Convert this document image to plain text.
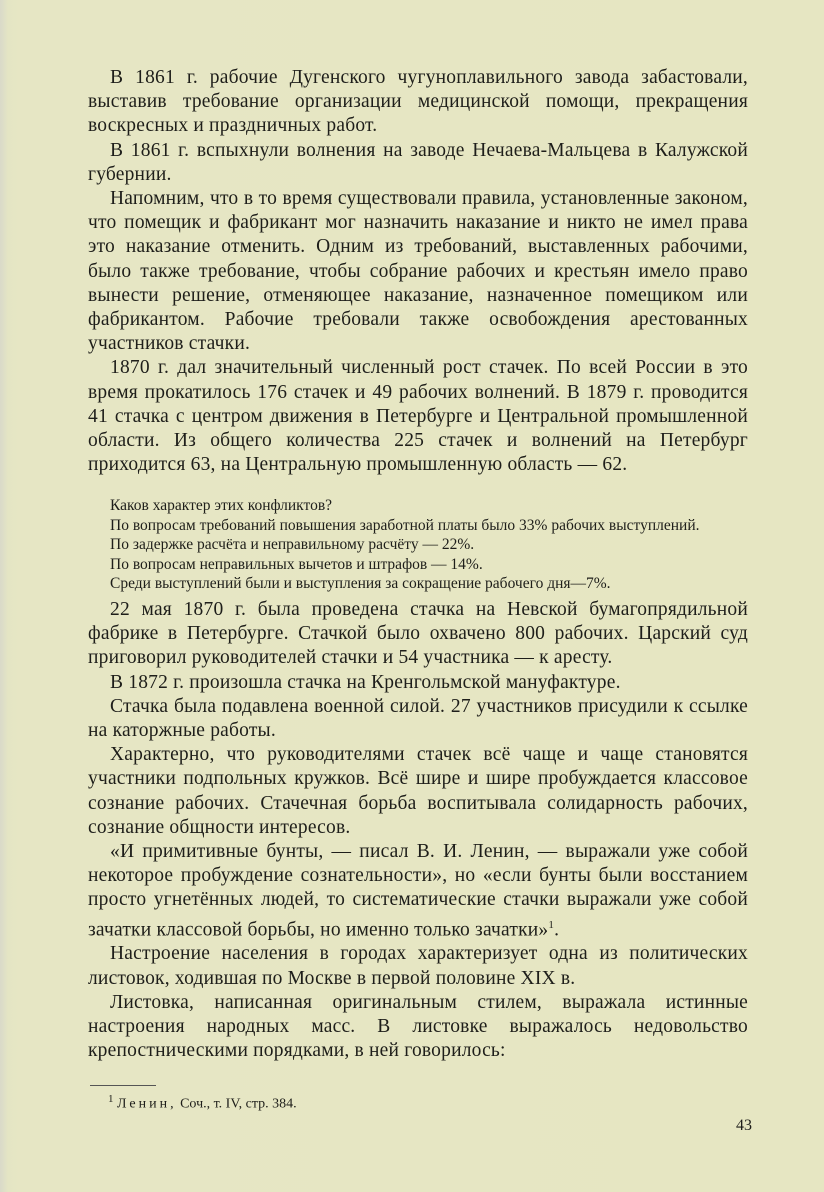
В 1861 г. рабочие Дугенского чугуноплавильного завода забастовали, выставив требование организации медицинской помощи, прекращения воскресных и праздничных работ.

В 1861 г. вспыхнули волнения на заводе Нечаева-Мальцева в Калужской губернии.

Напомним, что в то время существовали правила, установленные законом, что помещик и фабрикант мог назначить наказание и никто не имел права это наказание отменить. Одним из требований, выставленных рабочими, было также требование, чтобы собрание рабочих и крестьян имело право вынести решение, отменяющее наказание, назначенное помещиком или фабрикантом. Рабочие требовали также освобождения арестованных участников стачки.

1870 г. дал значительный численный рост стачек. По всей России в это время прокатилось 176 стачек и 49 рабочих волнений. В 1879 г. проводится 41 стачка с центром движения в Петербурге и Центральной промышленной области. Из общего количества 225 стачек и волнений на Петербург приходится 63, на Центральную промышленную область — 62.

Каков характер этих конфликтов?

По вопросам требований повышения заработной платы было 33% рабочих выступлений.

По задержке расчёта и неправильному расчёту — 22%.

По вопросам неправильных вычетов и штрафов — 14%.

Среди выступлений были и выступления за сокращение рабочего дня—7%.

22 мая 1870 г. была проведена стачка на Невской бумагопрядильной фабрике в Петербурге. Стачкой было охвачено 800 рабочих. Царский суд приговорил руководителей стачки и 54 участника — к аресту.

В 1872 г. произошла стачка на Кренгольмской мануфактуре.

Стачка была подавлена военной силой. 27 участников присудили к ссылке на каторжные работы.

Характерно, что руководителями стачек всё чаще и чаще становятся участники подпольных кружков. Всё шире и шире пробуждается классовое сознание рабочих. Стачечная борьба воспитывала солидарность рабочих, сознание общности интересов.

«И примитивные бунты, — писал В. И. Ленин, — выражали уже собой некоторое пробуждение сознательности», но «если бунты были восстанием просто угнетённых людей, то систематические стачки выражали уже собой зачатки классовой борьбы, но именно только зачатки»$^1$.

Настроение населения в городах характеризует одна из политических листовок, ходившая по Москве в первой половине XIX в.

Листовка, написанная оригинальным стилем, выражала истинные настроения народных масс. В листовке выражалось недовольство крепостническими порядками, в ней говорилось:

$^1$ Ленин, Соч., т. IV, стр. 384.
43
